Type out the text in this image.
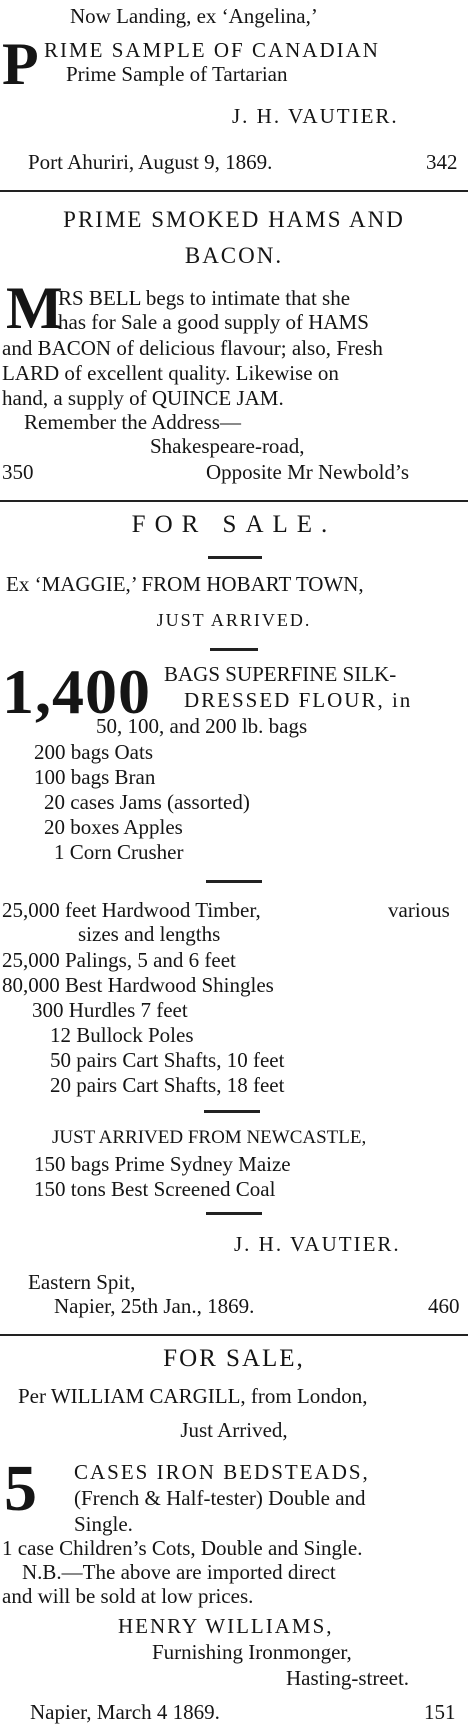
Now Landing, ex ‘Angelina,’
P RIME SAMPLE OF CANADIAN
Prime Sample of Tartarian
J. H. VAUTIER.
Port Ahuriri, August 9, 1869.	342
PRIME SMOKED HAMS AND
BACON.
M
RS BELL begs to intimate that she
has for Sale a good supply of HAMS
and BACON of delicious flavour; also, Fresh
LARD of excellent quality. Likewise on
hand, a supply of QUINCE JAM.
Remember the Address—
Shakespeare-road,
350	Opposite Mr Newbold’s
FOR SALE.
Ex ‘MAGGIE,’ FROM HOBART TOWN,
JUST ARRIVED.
1,400 BAGS SUPERFINE SILK-
DRESSED FLOUR, in
50, 100, and 200 lb. bags
200 bags Oats
100 bags Bran
20 cases Jams (assorted)
20 boxes Apples
1 Corn Crusher
25,000 feet Hardwood Timber,	various
sizes and lengths
25,000 Palings, 5 and 6 feet
80,000 Best Hardwood Shingles
300 Hurdles 7 feet
12 Bullock Poles
50 pairs Cart Shafts, 10 feet
20 pairs Cart Shafts, 18 feet
JUST ARRIVED FROM NEWCASTLE,
150 bags Prime Sydney Maize
150 tons Best Screened Coal
J. H. VAUTIER.
Eastern Spit,
Napier, 25th Jan., 1869.	460
FOR SALE,
Per WILLIAM CARGILL, from London,
Just Arrived,
5 CASES IRON BEDSTEADS,
(French & Half-tester) Double and
Single.
1 case Children’s Cots, Double and Single.
N.B.—The above are imported direct
and will be sold at low prices.
HENRY WILLIAMS,
Furnishing Ironmonger,
Hasting-street.
Napier, March 4 1869.	151
